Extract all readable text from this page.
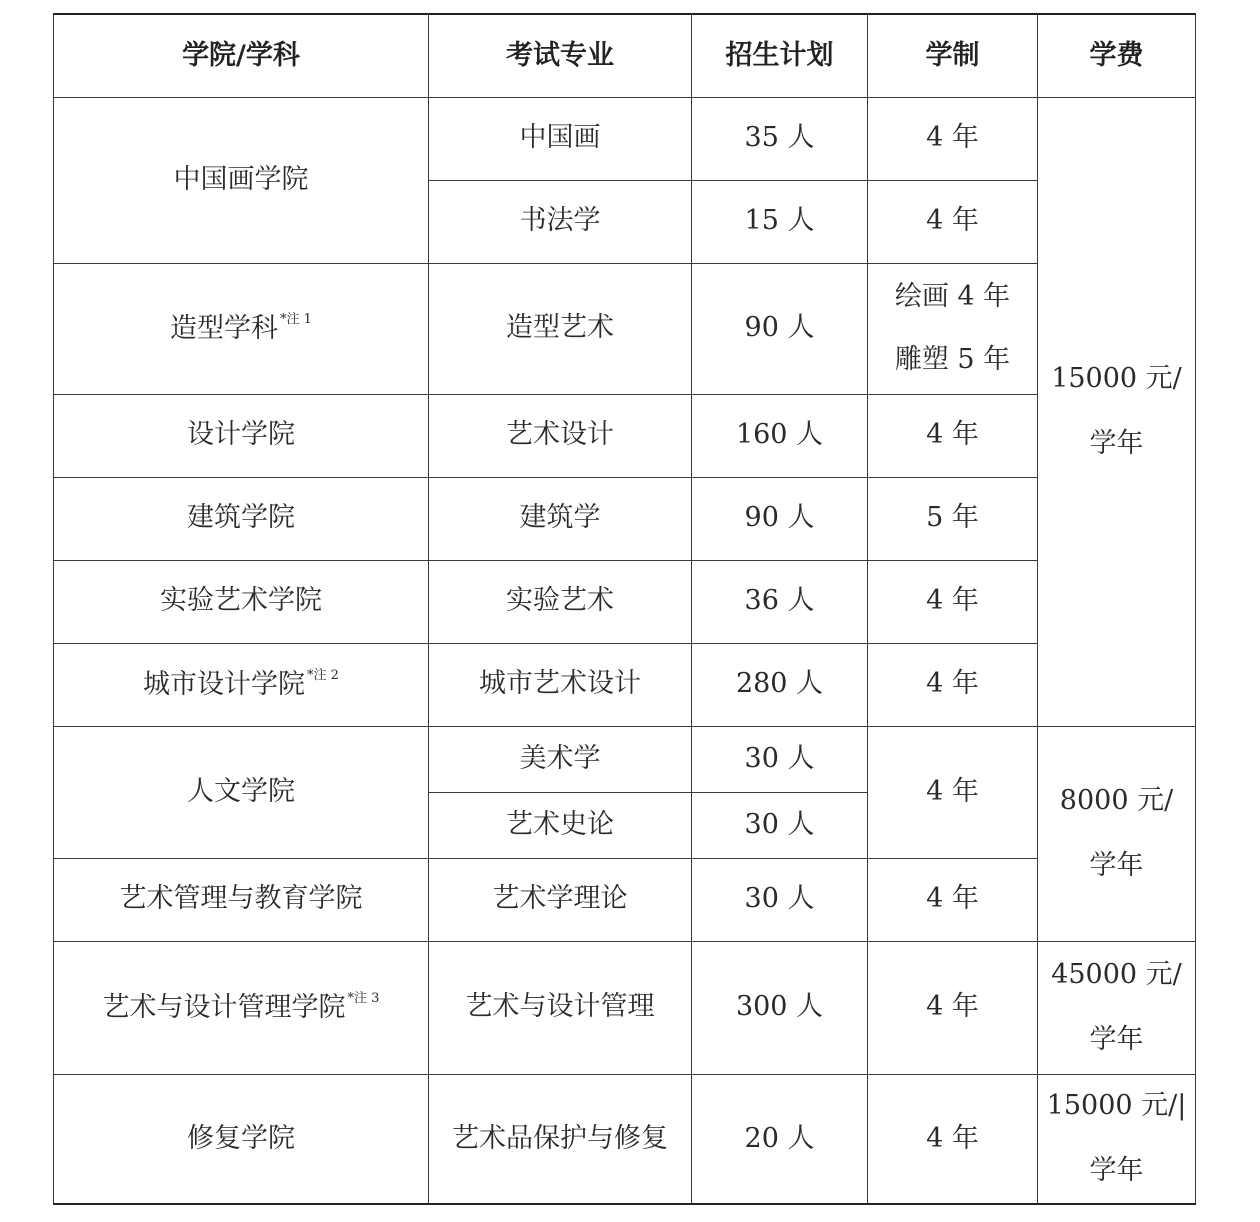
学院/学科	考试专业	招生计划	学制	学费
中国画学院	中国画	35 人	4 年	15000 元/
学年

	书法学	15 人	4 年	
造型学科 $^{*注 1}$	造型艺术	90 人	绘画 4 年
雕塑 5 年	

设计学院	艺术设计	160 人	4 年	
建筑学院	建筑学	90 人	5 年	
实验艺术学院	实验艺术	36 人	4 年	
城市设计学院 $^{*注 2}$	城市艺术设计	280 人	4 年	
人文学院	美术学	30 人	4 年	8000 元/
学年

	艺术史论	30 人		
艺术管理与教育学院	艺术学理论	30 人	4 年	
艺术与设计管理学院 $^{*注 3}$	艺术与设计管理	300 人	4 年	45000 元/
学年

修复学院	艺术品保护与修复	20 人	4 年	15000 元/|
学年
